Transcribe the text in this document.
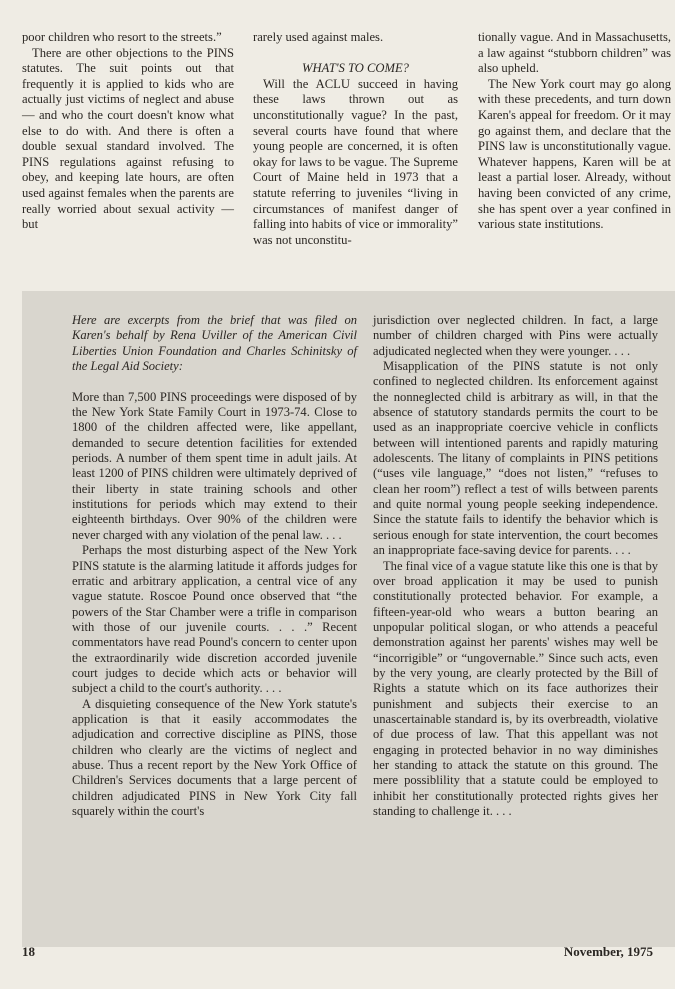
poor children who resort to the streets.”

There are other objections to the PINS statutes. The suit points out that frequently it is applied to kids who are actually just victims of neglect and abuse — and who the court doesn't know what else to do with. And there is often a double sexual standard involved. The PINS regulations against refusing to obey, and keeping late hours, are often used against females when the parents are really worried about sexual activity — but

rarely used against males.

WHAT'S TO COME?

Will the ACLU succeed in having these laws thrown out as unconstitutionally vague? In the past, several courts have found that where young people are concerned, it is often okay for laws to be vague. The Supreme Court of Maine held in 1973 that a statute referring to juveniles “living in circumstances of manifest danger of falling into habits of vice or immorality” was not unconstitu-

tionally vague. And in Massachusetts, a law against “stubborn children” was also upheld.

The New York court may go along with these precedents, and turn down Karen's appeal for freedom. Or it may go against them, and declare that the PINS law is unconstitutionally vague. Whatever happens, Karen will be at least a partial loser. Already, without having been convicted of any crime, she has spent over a year confined in various state institutions.

Here are excerpts from the brief that was filed on Karen's behalf by Rena Uviller of the American Civil Liberties Union Foundation and Charles Schinitsky of the Legal Aid Society:

More than 7,500 PINS proceedings were disposed of by the New York State Family Court in 1973-74. Close to 1800 of the children affected were, like appellant, demanded to secure detention facilities for extended periods. A number of them spent time in adult jails. At least 1200 of PINS children were ultimately deprived of their liberty in state training schools and other institutions for periods which may extend to their eighteenth birthdays. Over 90% of the children were never charged with any violation of the penal law. . . .

Perhaps the most disturbing aspect of the New York PINS statute is the alarming latitude it affords judges for erratic and arbitrary application, a central vice of any vague statute. Roscoe Pound once observed that “the powers of the Star Chamber were a trifle in comparison with those of our juvenile courts. . . .” Recent commentators have read Pound's concern to center upon the extraordinarily wide discretion accorded juvenile court judges to decide which acts or behavior will subject a child to the court's authority. . . .

A disquieting consequence of the New York statute's application is that it easily accommodates the adjudication and corrective discipline as PINS, those children who clearly are the victims of neglect and abuse. Thus a recent report by the New York Office of Children's Services documents that a large percent of children adjudicated PINS in New York City fall squarely within the court's

jurisdiction over neglected children. In fact, a large number of children charged with Pins were actually adjudicated neglected when they were younger. . . .

Misapplication of the PINS statute is not only confined to neglected children. Its enforcement against the nonneglected child is arbitrary as will, in that the absence of statutory standards permits the court to be used as an inappropriate coercive vehicle in conflicts between will intentioned parents and rapidly maturing adolescents. The litany of complaints in PINS petitions (“uses vile language,” “does not listen,” “refuses to clean her room”) reflect a test of wills between parents and quite normal young people seeking independence. Since the statute fails to identify the behavior which is serious enough for state intervention, the court becomes an inappropriate face-saving device for parents. . . .

The final vice of a vague statute like this one is that by over broad application it may be used to punish constitutionally protected behavior. For example, a fifteen-year-old who wears a button bearing an unpopular political slogan, or who attends a peaceful demonstration against her parents' wishes may well be “incorrigible” or “ungovernable.” Since such acts, even by the very young, are clearly protected by the Bill of Rights a statute which on its face authorizes their punishment and subjects their exercise to an unascertainable standard is, by its overbreadth, violative of due process of law. That this appellant was not engaging in protected behavior in no way diminishes her standing to attack the statute on this ground. The mere possiblility that a statute could be employed to inhibit her constitutionally protected rights gives her standing to challenge it. . . .

18	November, 1975
